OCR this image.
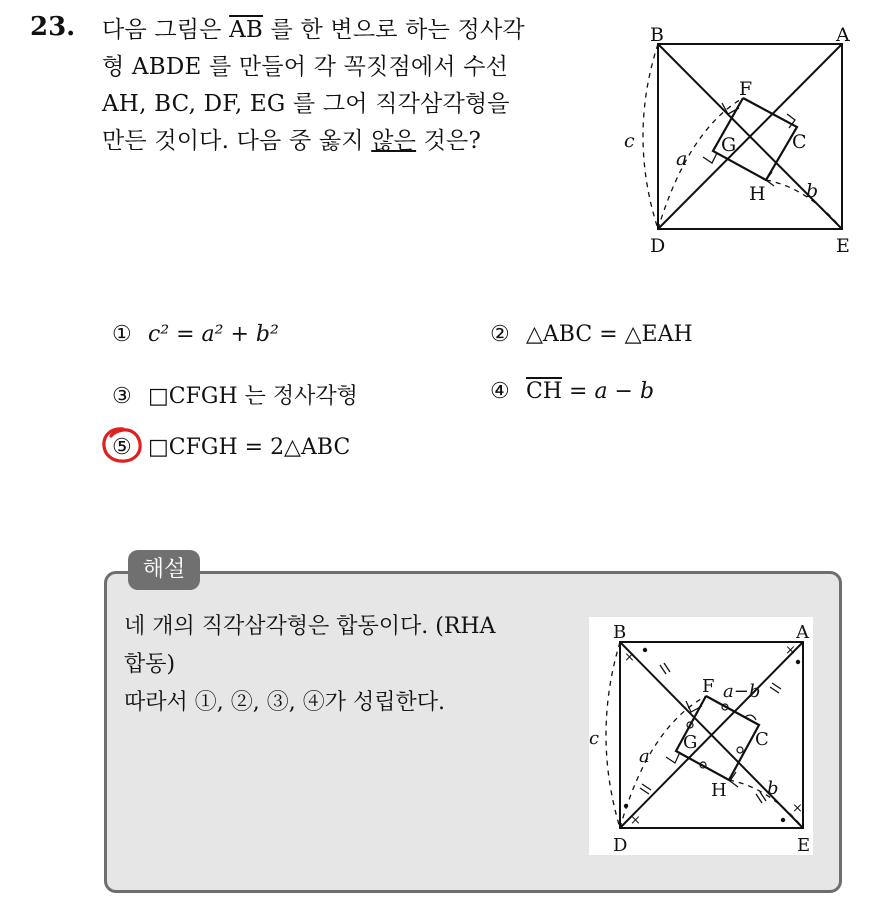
23. 다음 그림은 $\overline{AB}$ 를 한 변으로 하는 정사각
형 ABDE 를 만들어 각 꼭짓점에서 수선
AH, BC, DF, EG 를 그어 직각삼각형을
만든 것이다. 다음 중 옳지 않은 것은?
A
B
D	E
F
G	C
H
a
b
c
① c² = a² + b²	② △ABC = △EAH
③ □CFGH 는 정사각형	④ $\overline{CH} = a - b$
⑤ □CFGH = 2△ABC
해설
네 개의 직각삼각형은 합동이다. (RHA
합동)
따라서 ①, ②, ③, ④가 성립한다.
×	×
×
×
A
B
D	E
F
G	C
H
a
b
c
a−b
